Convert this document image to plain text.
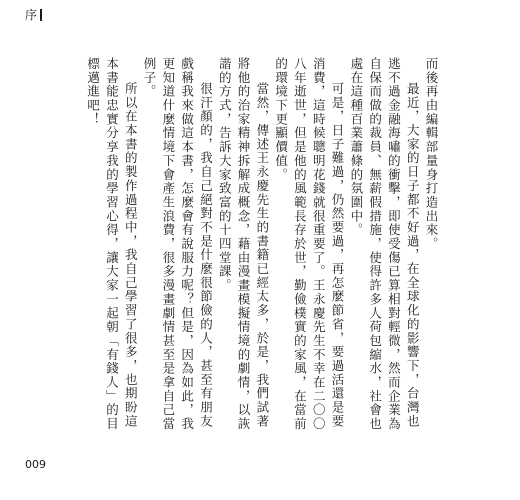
序

而後再由編輯部量身打造出來。

最近，大家的日子都不好過，在全球化的影響下，台灣也逃不過金融海嘯的衝擊，即使受傷已算相對輕微，然而企業為自保而做的裁員、無薪假措施，使得許多人荷包縮水，社會也處在這種百業蕭條的氛圍中。

可是，日子難過，仍然要過，再怎麼節省，要過活還是要消費，這時候聰明花錢就很重要了。王永慶先生不幸在二〇〇八年逝世，但是他的風範長存於世，勤儉樸實的家風，在當前的環境下更顯價值。

當然，傳述王永慶先生的書籍已經太多，於是，我們試著將他的治家精神拆解成概念，藉由漫畫模擬情境的劇情，以詼諧的方式，告訴大家致富的十四堂課。

很汗顏的，我自己絕對不是什麼很節儉的人，甚至有朋友戲稱我來做這本書，怎麼會有說服力呢？但是，因為如此，我更知道什麼情境下會產生浪費，很多漫畫劇情甚至是拿自己當例子。

所以在本書的製作過程中，我自己學習了很多，也期盼這本書能忠實分享我的學習心得，讓大家一起朝「有錢人」的目標邁進吧！

009
